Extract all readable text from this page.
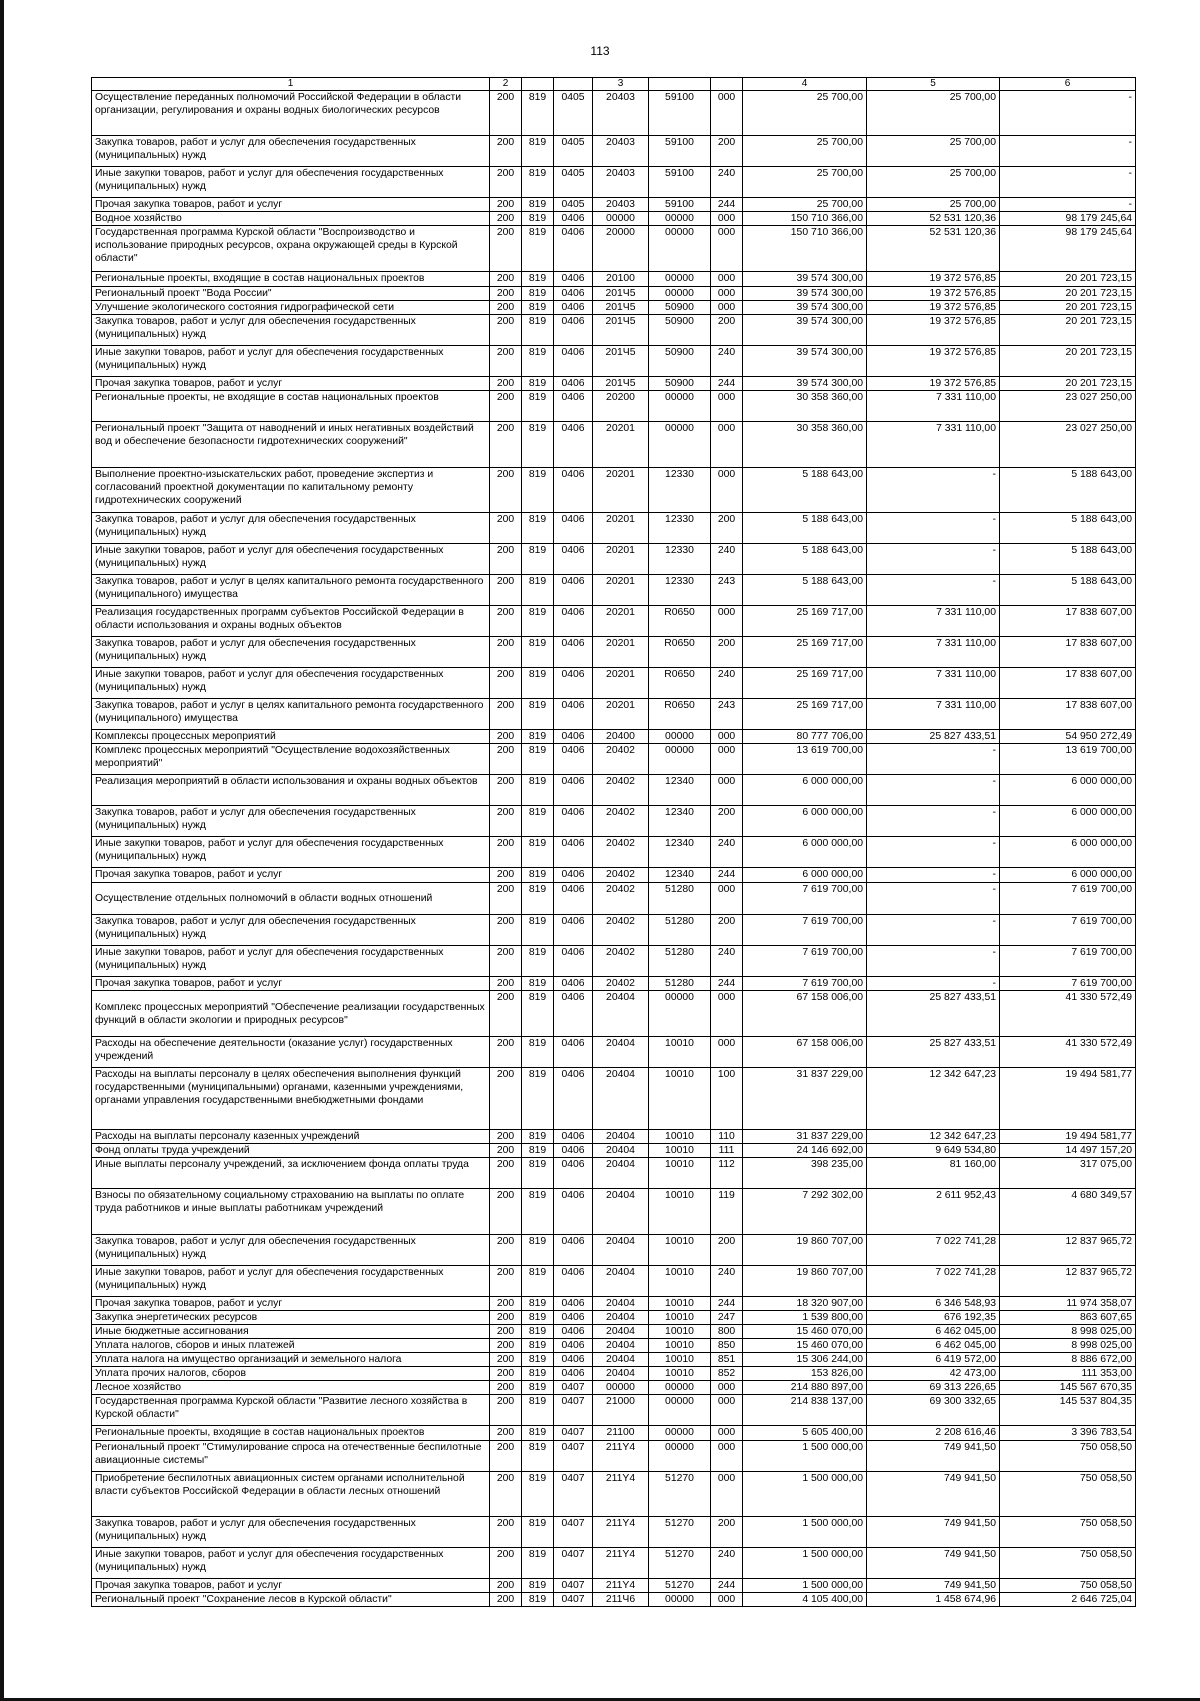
113
1	2			3			4	5	6
Осуществление переданных полномочий Российской Федерации в области организации, регулирования и охраны водных биологических ресурсов	200	819	0405	20403	59100	000	25 700,00	25 700,00	-
Закупка товаров, работ и услуг для обеспечения государственных (муниципальных) нужд	200	819	0405	20403	59100	200	25 700,00	25 700,00	-
Иные закупки товаров, работ и услуг для обеспечения государственных (муниципальных) нужд	200	819	0405	20403	59100	240	25 700,00	25 700,00	-
Прочая закупка товаров, работ и услуг	200	819	0405	20403	59100	244	25 700,00	25 700,00	-
Водное хозяйство	200	819	0406	00000	00000	000	150 710 366,00	52 531 120,36	98 179 245,64
Государственная программа Курской области "Воспроизводство и использование природных ресурсов, охрана окружающей среды в Курской области"	200	819	0406	20000	00000	000	150 710 366,00	52 531 120,36	98 179 245,64
Региональные проекты, входящие в состав национальных проектов	200	819	0406	20100	00000	000	39 574 300,00	19 372 576,85	20 201 723,15
Региональный проект "Вода России"	200	819	0406	201Ч5	00000	000	39 574 300,00	19 372 576,85	20 201 723,15
Улучшение экологического состояния гидрографической сети	200	819	0406	201Ч5	50900	000	39 574 300,00	19 372 576,85	20 201 723,15
Закупка товаров, работ и услуг для обеспечения государственных (муниципальных) нужд	200	819	0406	201Ч5	50900	200	39 574 300,00	19 372 576,85	20 201 723,15
Иные закупки товаров, работ и услуг для обеспечения государственных (муниципальных) нужд	200	819	0406	201Ч5	50900	240	39 574 300,00	19 372 576,85	20 201 723,15
Прочая закупка товаров, работ и услуг	200	819	0406	201Ч5	50900	244	39 574 300,00	19 372 576,85	20 201 723,15
Региональные проекты, не входящие в состав национальных проектов	200	819	0406	20200	00000	000	30 358 360,00	7 331 110,00	23 027 250,00
Региональный проект "Защита от наводнений и иных негативных воздействий вод и обеспечение безопасности гидротехнических сооружений"	200	819	0406	20201	00000	000	30 358 360,00	7 331 110,00	23 027 250,00
Выполнение проектно-изыскательских работ, проведение экспертиз и согласований проектной документации по капитальному ремонту гидротехнических сооружений	200	819	0406	20201	12330	000	5 188 643,00	-	5 188 643,00
Закупка товаров, работ и услуг для обеспечения государственных (муниципальных) нужд	200	819	0406	20201	12330	200	5 188 643,00	-	5 188 643,00
Иные закупки товаров, работ и услуг для обеспечения государственных (муниципальных) нужд	200	819	0406	20201	12330	240	5 188 643,00	-	5 188 643,00
Закупка товаров, работ и услуг в целях капитального ремонта государственного (муниципального) имущества	200	819	0406	20201	12330	243	5 188 643,00	-	5 188 643,00
Реализация государственных программ субъектов Российской Федерации в области использования и охраны водных объектов	200	819	0406	20201	R0650	000	25 169 717,00	7 331 110,00	17 838 607,00
Закупка товаров, работ и услуг для обеспечения государственных (муниципальных) нужд	200	819	0406	20201	R0650	200	25 169 717,00	7 331 110,00	17 838 607,00
Иные закупки товаров, работ и услуг для обеспечения государственных (муниципальных) нужд	200	819	0406	20201	R0650	240	25 169 717,00	7 331 110,00	17 838 607,00
Закупка товаров, работ и услуг в целях капитального ремонта государственного (муниципального) имущества	200	819	0406	20201	R0650	243	25 169 717,00	7 331 110,00	17 838 607,00
Комплексы процессных мероприятий	200	819	0406	20400	00000	000	80 777 706,00	25 827 433,51	54 950 272,49
Комплекс процессных мероприятий "Осуществление водохозяйственных мероприятий"	200	819	0406	20402	00000	000	13 619 700,00	-	13 619 700,00
Реализация мероприятий в области использования и охраны водных объектов	200	819	0406	20402	12340	000	6 000 000,00	-	6 000 000,00
Закупка товаров, работ и услуг для обеспечения государственных (муниципальных) нужд	200	819	0406	20402	12340	200	6 000 000,00	-	6 000 000,00
Иные закупки товаров, работ и услуг для обеспечения государственных (муниципальных) нужд	200	819	0406	20402	12340	240	6 000 000,00	-	6 000 000,00
Прочая закупка товаров, работ и услуг	200	819	0406	20402	12340	244	6 000 000,00	-	6 000 000,00
Осуществление отдельных полномочий в области водных отношений	200	819	0406	20402	51280	000	7 619 700,00	-	7 619 700,00
Закупка товаров, работ и услуг для обеспечения государственных (муниципальных) нужд	200	819	0406	20402	51280	200	7 619 700,00	-	7 619 700,00
Иные закупки товаров, работ и услуг для обеспечения государственных (муниципальных) нужд	200	819	0406	20402	51280	240	7 619 700,00	-	7 619 700,00
Прочая закупка товаров, работ и услуг	200	819	0406	20402	51280	244	7 619 700,00	-	7 619 700,00
Комплекс процессных мероприятий "Обеспечение реализации государственных функций в области экологии и природных ресурсов"	200	819	0406	20404	00000	000	67 158 006,00	25 827 433,51	41 330 572,49
Расходы на обеспечение деятельности (оказание услуг) государственных учреждений	200	819	0406	20404	10010	000	67 158 006,00	25 827 433,51	41 330 572,49
Расходы на выплаты персоналу в целях обеспечения выполнения функций государственными (муниципальными) органами, казенными учреждениями, органами управления государственными внебюджетными фондами	200	819	0406	20404	10010	100	31 837 229,00	12 342 647,23	19 494 581,77
Расходы на выплаты персоналу казенных учреждений	200	819	0406	20404	10010	110	31 837 229,00	12 342 647,23	19 494 581,77
Фонд оплаты труда учреждений	200	819	0406	20404	10010	111	24 146 692,00	9 649 534,80	14 497 157,20
Иные выплаты персоналу учреждений, за исключением фонда оплаты труда	200	819	0406	20404	10010	112	398 235,00	81 160,00	317 075,00
Взносы по обязательному социальному страхованию на выплаты по оплате труда работников и иные выплаты работникам учреждений	200	819	0406	20404	10010	119	7 292 302,00	2 611 952,43	4 680 349,57
Закупка товаров, работ и услуг для обеспечения государственных (муниципальных) нужд	200	819	0406	20404	10010	200	19 860 707,00	7 022 741,28	12 837 965,72
Иные закупки товаров, работ и услуг для обеспечения государственных (муниципальных) нужд	200	819	0406	20404	10010	240	19 860 707,00	7 022 741,28	12 837 965,72
Прочая закупка товаров, работ и услуг	200	819	0406	20404	10010	244	18 320 907,00	6 346 548,93	11 974 358,07
Закупка энергетических ресурсов	200	819	0406	20404	10010	247	1 539 800,00	676 192,35	863 607,65
Иные бюджетные ассигнования	200	819	0406	20404	10010	800	15 460 070,00	6 462 045,00	8 998 025,00
Уплата налогов, сборов и иных платежей	200	819	0406	20404	10010	850	15 460 070,00	6 462 045,00	8 998 025,00
Уплата налога на имущество организаций и земельного налога	200	819	0406	20404	10010	851	15 306 244,00	6 419 572,00	8 886 672,00
Уплата прочих налогов, сборов	200	819	0406	20404	10010	852	153 826,00	42 473,00	111 353,00
Лесное хозяйство	200	819	0407	00000	00000	000	214 880 897,00	69 313 226,65	145 567 670,35
Государственная программа Курской области "Развитие лесного хозяйства в Курской области"	200	819	0407	21000	00000	000	214 838 137,00	69 300 332,65	145 537 804,35
Региональные проекты, входящие в состав национальных проектов	200	819	0407	21100	00000	000	5 605 400,00	2 208 616,46	3 396 783,54
Региональный проект "Стимулирование спроса на отечественные беспилотные авиационные системы"	200	819	0407	211Y4	00000	000	1 500 000,00	749 941,50	750 058,50
Приобретение беспилотных авиационных систем органами исполнительной власти субъектов Российской Федерации в области лесных отношений	200	819	0407	211Y4	51270	000	1 500 000,00	749 941,50	750 058,50
Закупка товаров, работ и услуг для обеспечения государственных (муниципальных) нужд	200	819	0407	211Y4	51270	200	1 500 000,00	749 941,50	750 058,50
Иные закупки товаров, работ и услуг для обеспечения государственных (муниципальных) нужд	200	819	0407	211Y4	51270	240	1 500 000,00	749 941,50	750 058,50
Прочая закупка товаров, работ и услуг	200	819	0407	211Y4	51270	244	1 500 000,00	749 941,50	750 058,50
Региональный проект "Сохранение лесов в Курской области"	200	819	0407	211Ч6	00000	000	4 105 400,00	1 458 674,96	2 646 725,04
